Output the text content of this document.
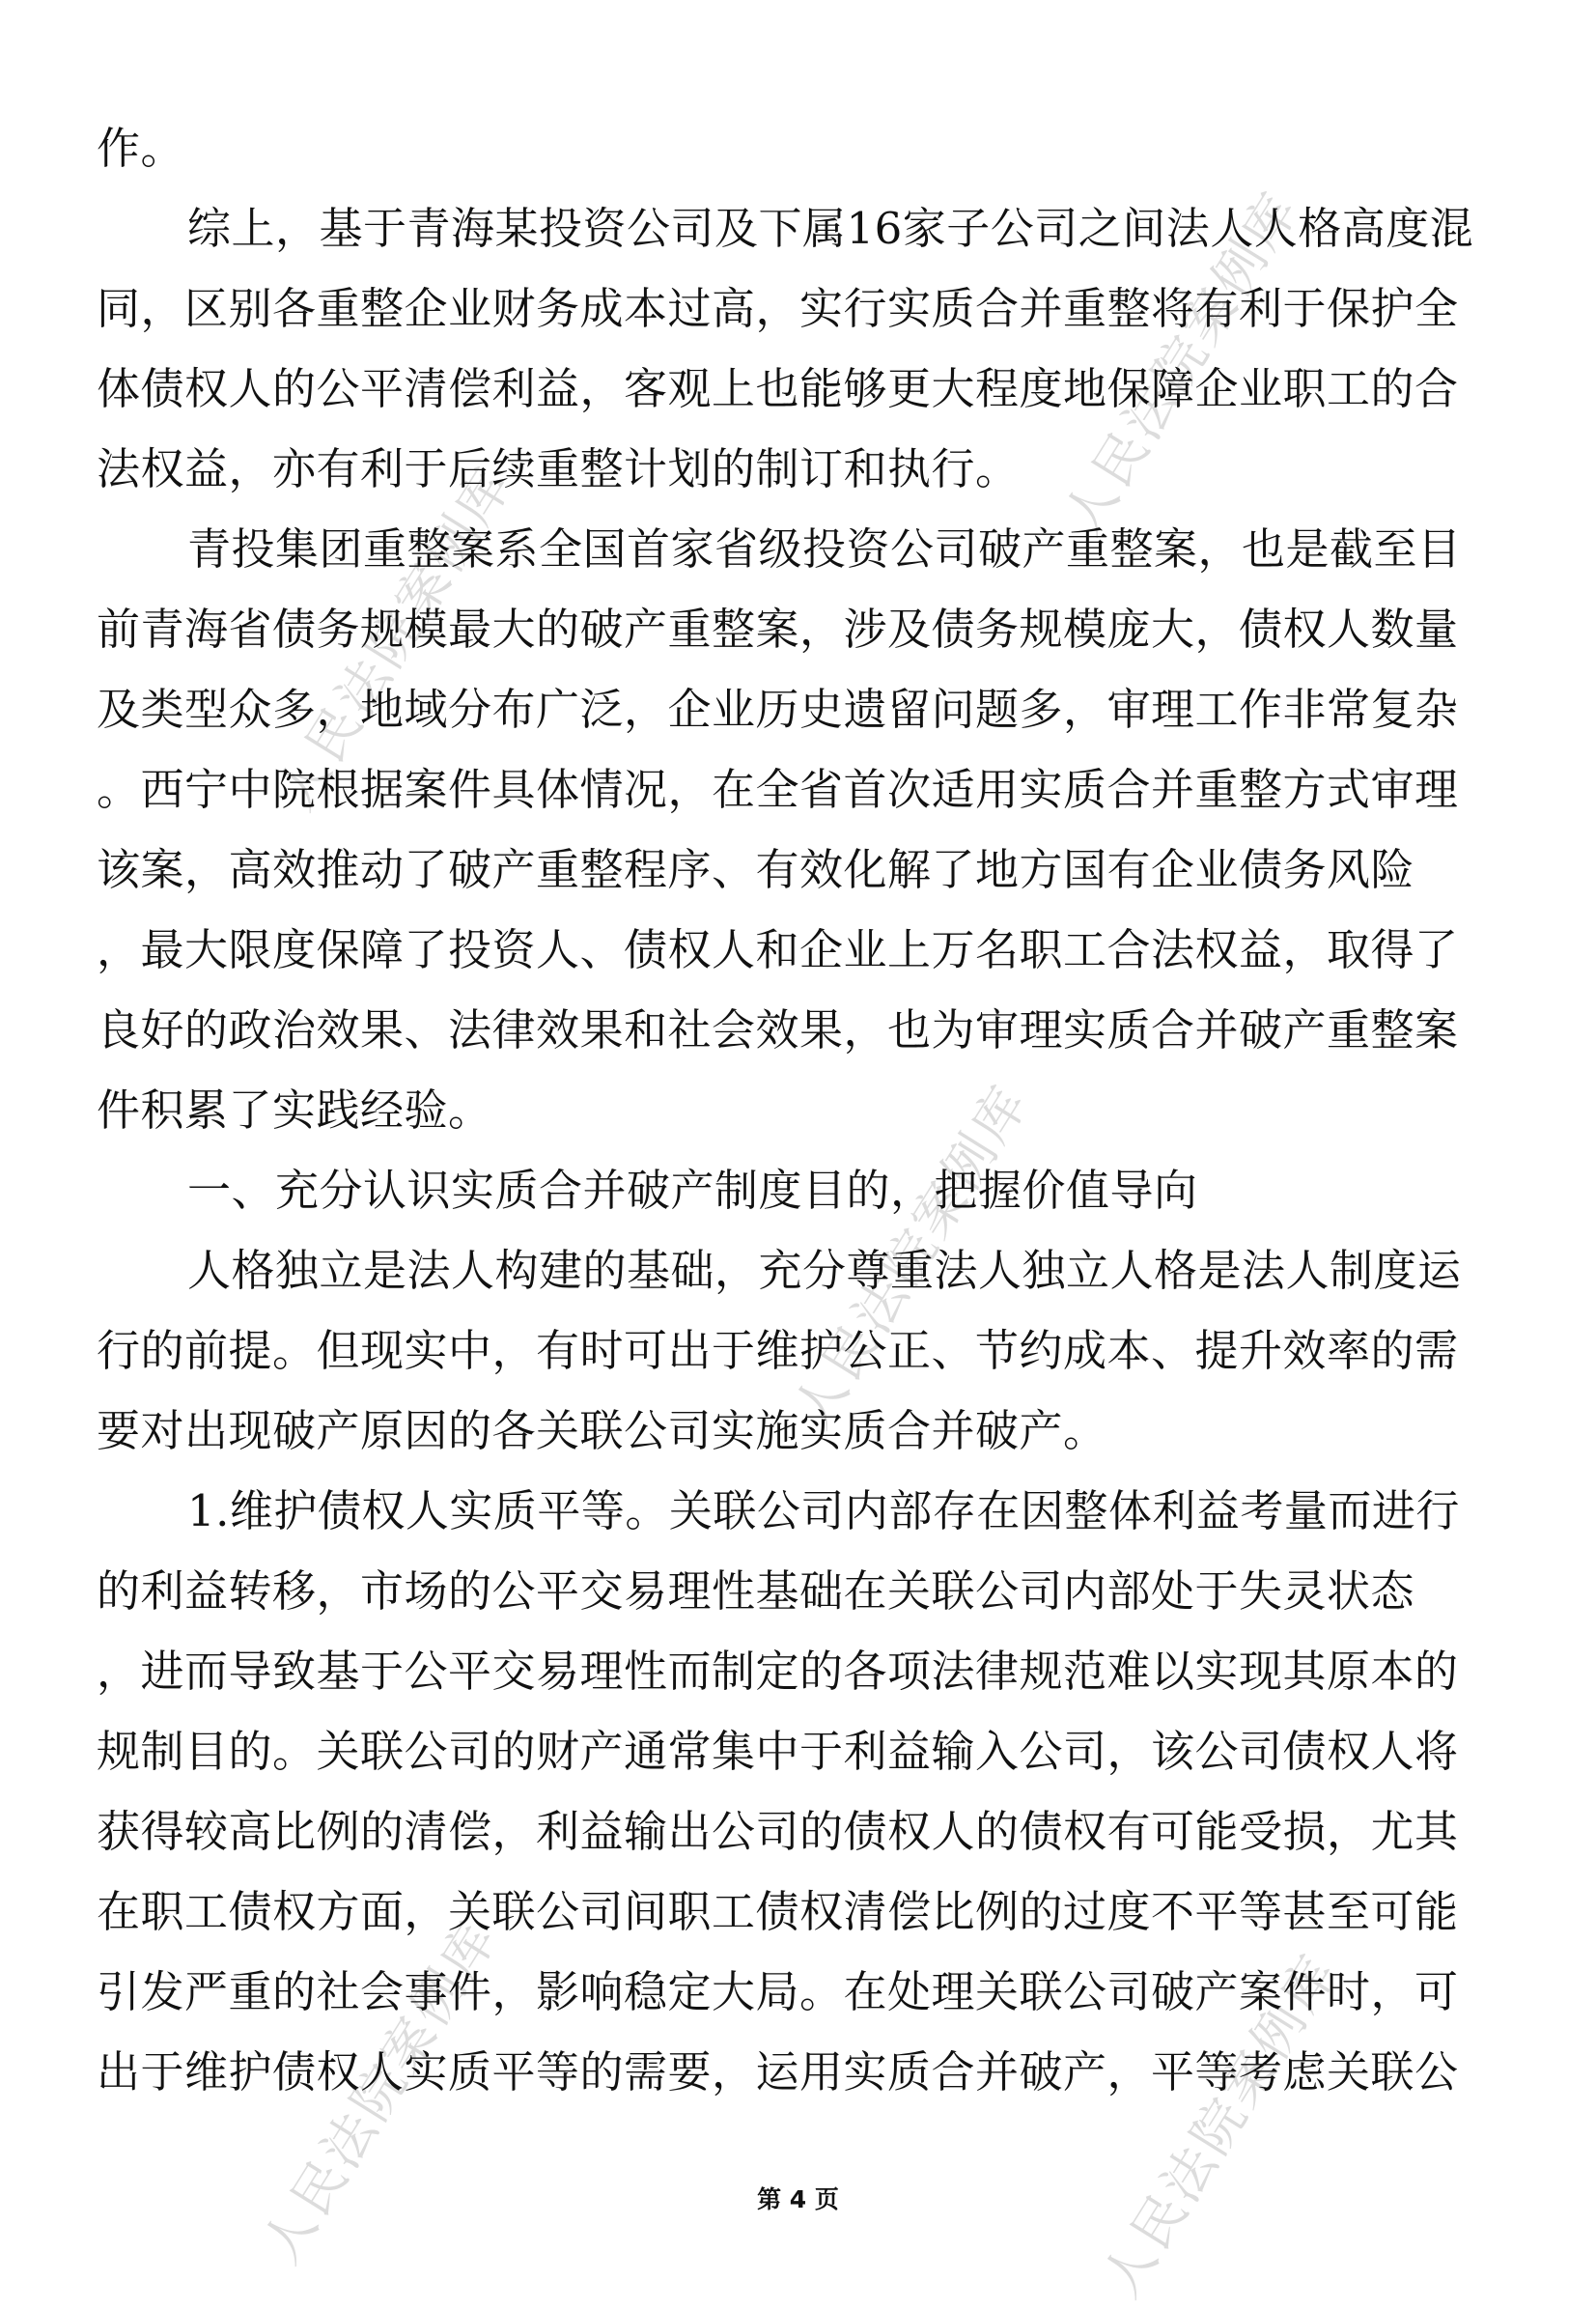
人民法院案例库
人民法院案例库
人民法院案例库
人民法院案例库	人民法院案例库
作。
综上，基于青海某投资公司及下属16家子公司之间法人人格高度混
同，区别各重整企业财务成本过高，实行实质合并重整将有利于保护全
体债权人的公平清偿利益，客观上也能够更大程度地保障企业职工的合
法权益，亦有利于后续重整计划的制订和执行。
青投集团重整案系全国首家省级投资公司破产重整案，也是截至目
前青海省债务规模最大的破产重整案，涉及债务规模庞大，债权人数量
及类型众多，地域分布广泛，企业历史遗留问题多，审理工作非常复杂
。西宁中院根据案件具体情况，在全省首次适用实质合并重整方式审理
该案，高效推动了破产重整程序、有效化解了地方国有企业债务风险
，最大限度保障了投资人、债权人和企业上万名职工合法权益，取得了
良好的政治效果、法律效果和社会效果，也为审理实质合并破产重整案
件积累了实践经验。
一、充分认识实质合并破产制度目的，把握价值导向
人格独立是法人构建的基础，充分尊重法人独立人格是法人制度运
行的前提。但现实中，有时可出于维护公正、节约成本、提升效率的需
要对出现破产原因的各关联公司实施实质合并破产。
1.维护债权人实质平等。关联公司内部存在因整体利益考量而进行
的利益转移，市场的公平交易理性基础在关联公司内部处于失灵状态
，进而导致基于公平交易理性而制定的各项法律规范难以实现其原本的
规制目的。关联公司的财产通常集中于利益输入公司，该公司债权人将
获得较高比例的清偿，利益输出公司的债权人的债权有可能受损，尤其
在职工债权方面，关联公司间职工债权清偿比例的过度不平等甚至可能
引发严重的社会事件，影响稳定大局。在处理关联公司破产案件时，可
出于维护债权人实质平等的需要，运用实质合并破产，平等考虑关联公
第 4 页
